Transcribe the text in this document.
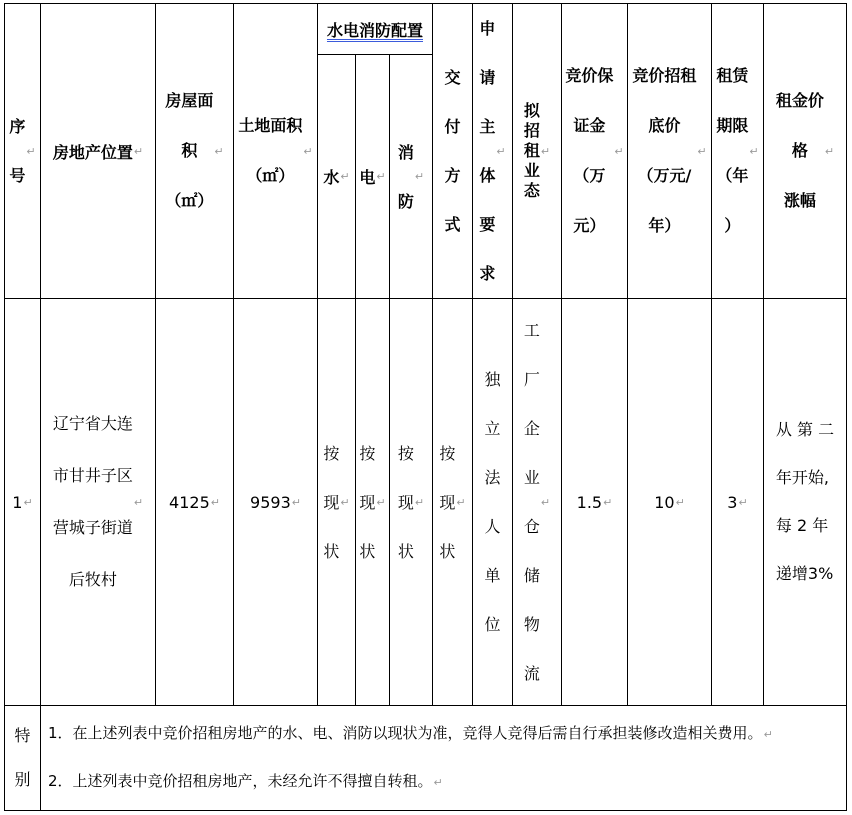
序
号
↵ 房地产位置 ↵
房屋面
积
（㎡）
↵
土地面积
（㎡）
↵
水电消防配置
水 ↵ 电 ↵
消
防
↵
交
付
方
式
申
请
主
体
要
求
↵
拟
招
租
业
态
↵
竞价保
证金
（万
元）
↵
竞价招租
底价
（万元/
年）
↵
租赁
期限
（年
）
↵
租金价
格
涨幅
↵
1 ↵
辽宁省大连
市甘井子区
营城子街道
后牧村
↵ 4125 ↵ 9593 ↵
按
现
状
↵
按
现
状
↵
按
现
状
↵
按
现
状
↵
独
立
法
人
单
位
工
厂
企
业
仓
储
物
流
↵ 1.5 ↵	10 ↵	3 ↵
从 第 二
年开始,
每 2 年
递增3%
特
别
1．在上述列表中竞价招租房地产的水、电、消防以现状为准，竞得人竞得后需自行承担装修改造相关费用。↵
2．上述列表中竞价招租房地产，未经允许不得擅自转租。↵
